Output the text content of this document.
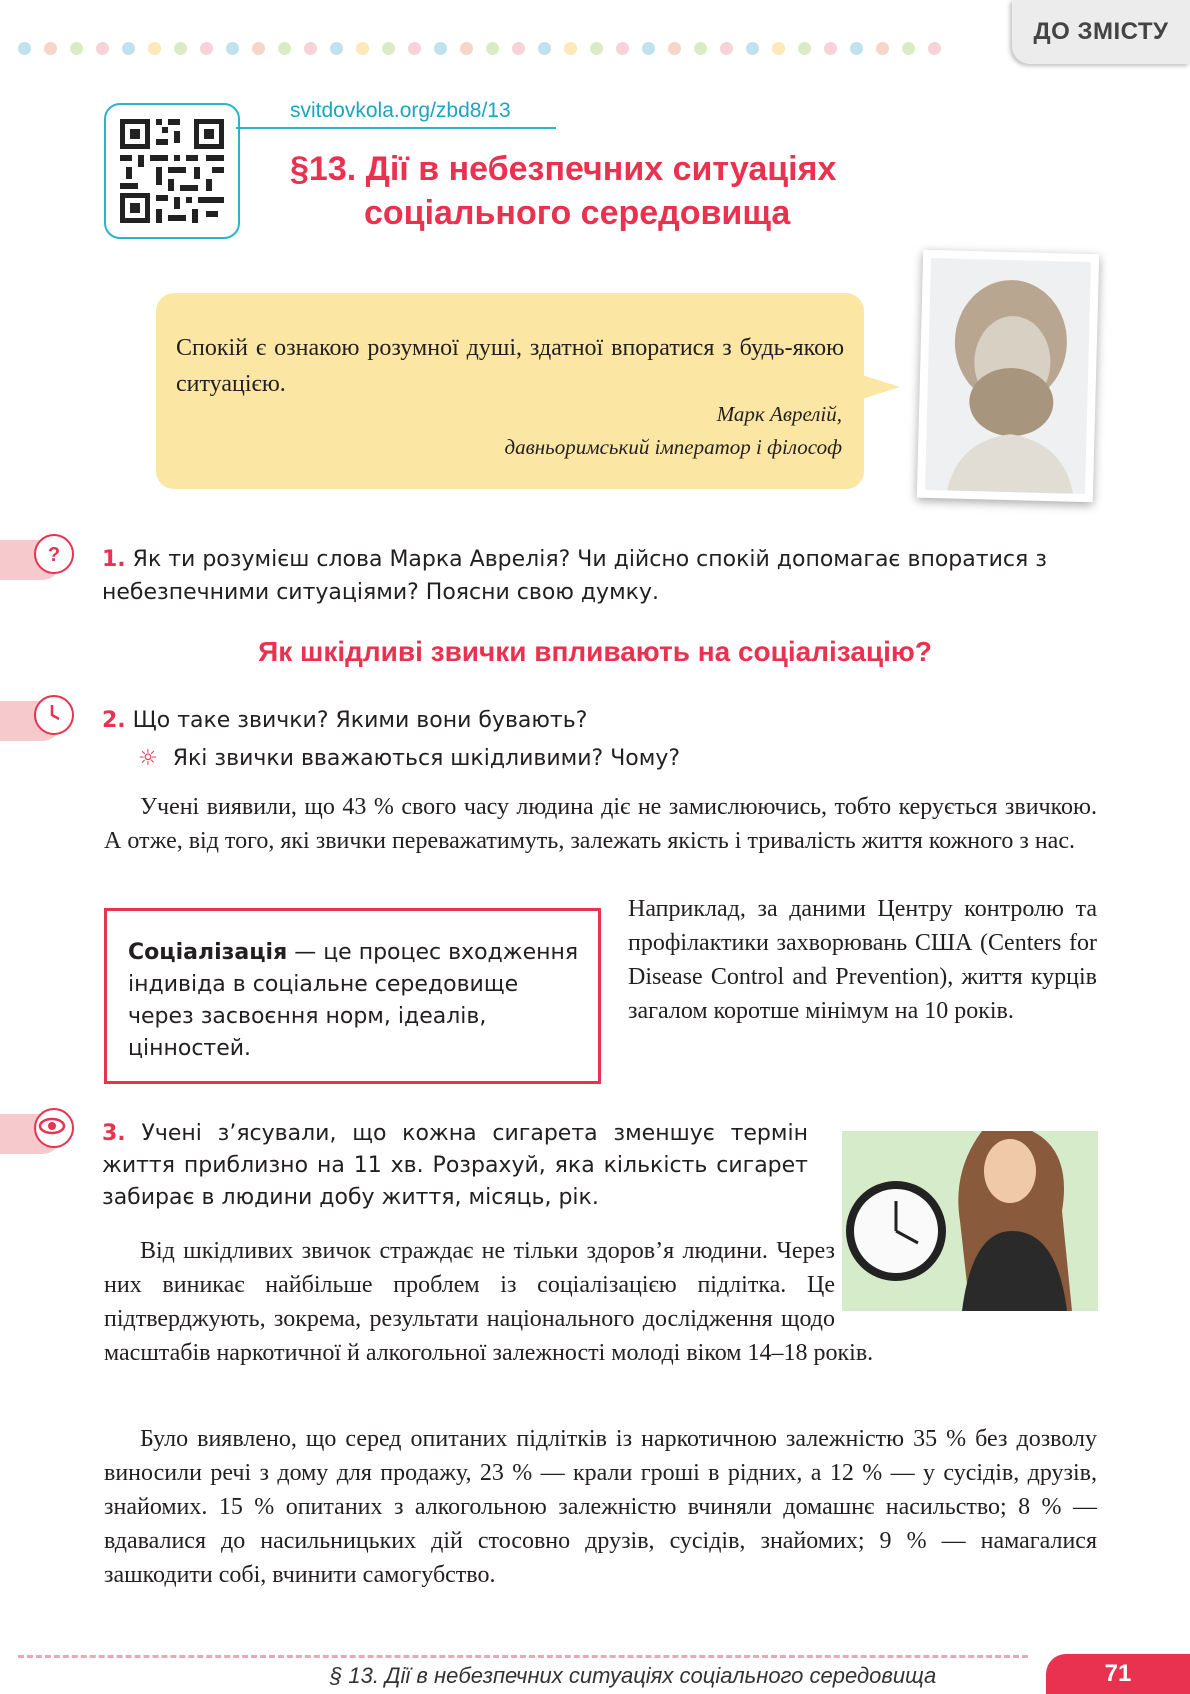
ДО ЗМІСТУ
svitdovkola.org/zbd8/13
§13. Дії в небезпечних ситуаціях
соціального середовища
Спокій є ознакою розумної душі, здатної впоратися з будь-якою ситуацією.
Марк Аврелій,
давньоримський імператор і філософ
? 1. Як ти розумієш слова Марка Аврелія? Чи дійсно спокій допомагає впоратися з небезпечними ситуаціями? Поясни свою думку.
Як шкідливі звички впливають на соціалізацію?
2. Що таке звички? Якими вони бувають?
☼ Які звички вважаються шкідливими? Чому?
Учені виявили, що 43 % свого часу людина діє не замислюючись, тобто керується звичкою. А отже, від того, які звички переважатимуть, залежать якість і тривалість життя кожного з нас.
Соціалізація — це процес входження індивіда в соціальне середовище через засвоєння норм, ідеалів, цінностей.
Наприклад, за даними Центру контролю та профілактики захворювань США (Centers for Disease Control and Prevention), життя курців загалом коротше мінімум на 10 років.
3. Учені з’ясували, що кожна сигарета зменшує термін життя приблизно на 11 хв. Розрахуй, яка кількість сигарет забирає в людини добу життя, місяць, рік.
Від шкідливих звичок страждає не тільки здоров’я людини. Через них виникає найбільше проблем із соціалізацією підлітка. Це підтверджують, зокрема, результати національного дослідження щодо масштабів наркотичної й алкогольної залежності молоді віком 14–18 років.
Було виявлено, що серед опитаних підлітків із наркотичною залежністю 35 % без дозволу виносили речі з дому для продажу, 23 % — крали гроші в рідних, а 12 % — у сусідів, друзів, знайомих. 15 % опитаних з алкогольною залежністю вчиняли домашнє насильство; 8 % — вдавалися до насильницьких дій стосовно друзів, сусідів, знайомих; 9 % — намагалися зашкодити собі, вчинити самогубство.
§ 13. Дії в небезпечних ситуаціях соціального середовища	71
